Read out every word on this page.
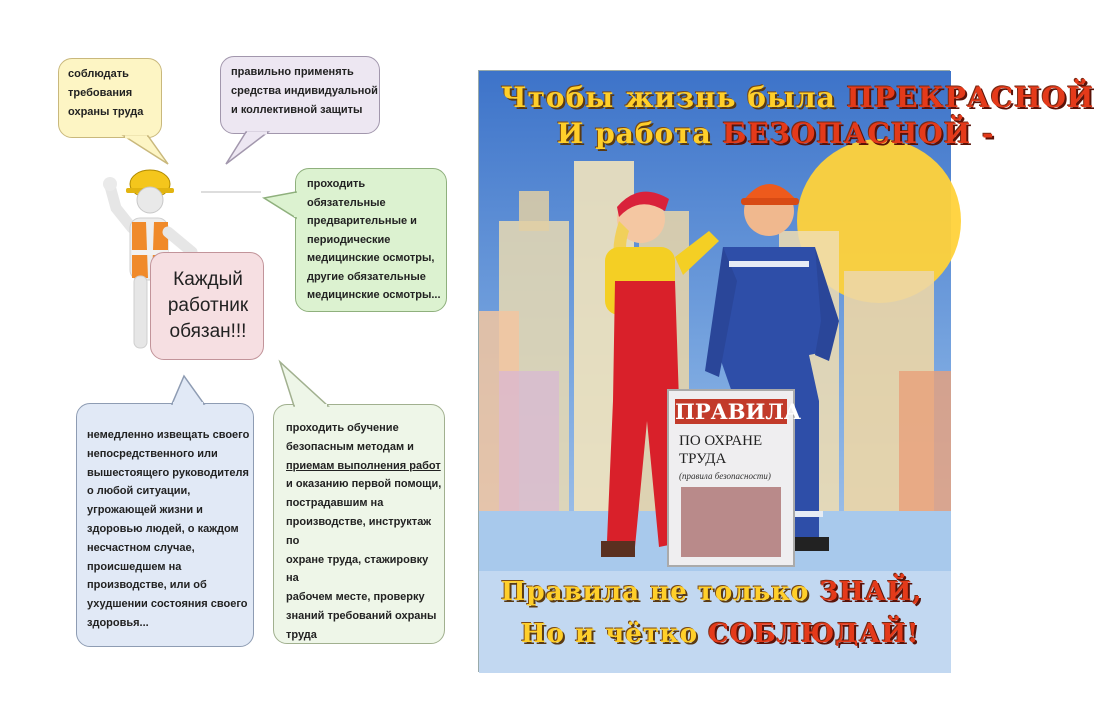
соблюдать
требования
охраны труда
правильно применять
средства индивидуальной
и коллективной защиты
проходить
обязательные
предварительные и
периодические
медицинские осмотры,
другие обязательные
медицинские осмотры...
Каждый
работник
обязан!!!
немедленно извещать своего
непосредственного или
вышестоящего руководителя
о любой ситуации,
угрожающей жизни и
здоровью людей, о каждом
несчастном случае,
происшедшем на
производстве, или об
ухудшении состояния своего
здоровья...
проходить обучение
безопасным методам и
приемам выполнения работ
и оказанию первой помощи,
пострадавшим на
производстве, инструктаж по
охране труда, стажировку на
рабочем месте, проверку
знаний требований охраны
труда
Чтобы жизнь была ПРЕКРАСНОЙ
И работа БЕЗОПАСНОЙ -
ПРАВИЛА
ПО ОХРАНЕ
ТРУДА
(правила безопасности)
Правила не только ЗНАЙ,
Но и чётко СОБЛЮДАЙ!
